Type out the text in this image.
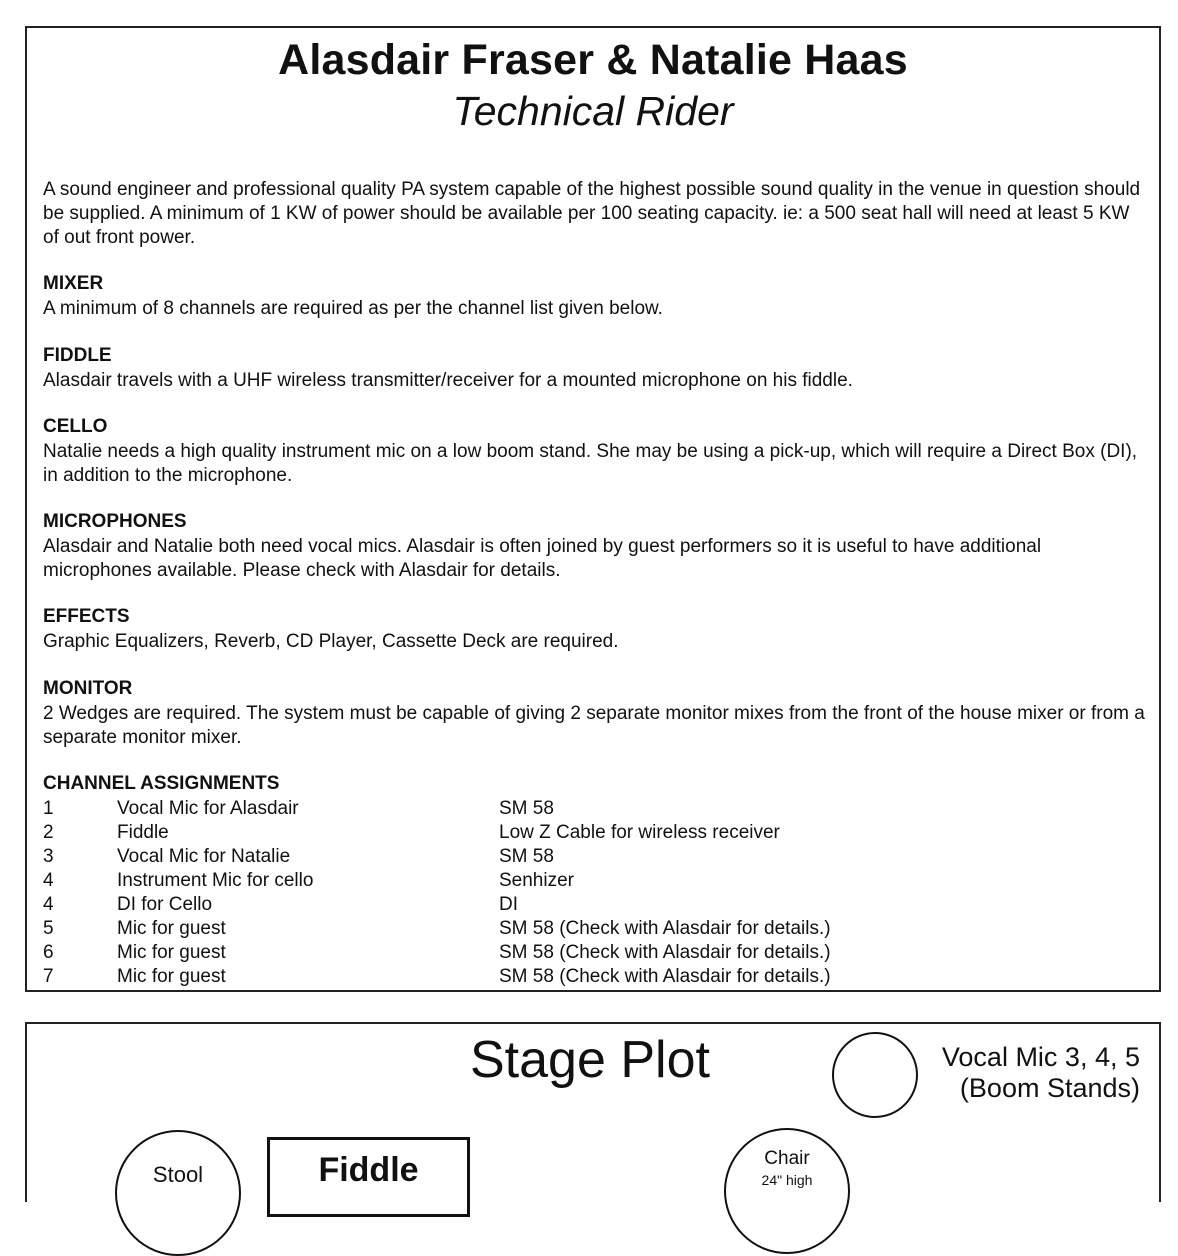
Alasdair Fraser & Natalie Haas
Technical Rider
A sound engineer and professional quality PA system capable of the highest possible sound quality in the venue in question should be supplied. A minimum of 1 KW of power should be available per 100 seating capacity. ie: a 500 seat hall will need at least 5 KW of out front power.
MIXER
A minimum of 8 channels are required as per the channel list given below.
FIDDLE
Alasdair travels with a UHF wireless transmitter/receiver for a mounted microphone on his fiddle.
CELLO
Natalie needs a high quality instrument mic on a low boom stand. She may be using a pick-up, which will require a Direct Box (DI), in addition to the microphone.
MICROPHONES
Alasdair and Natalie both need vocal mics. Alasdair is often joined by guest performers so it is useful to have additional microphones available. Please check with Alasdair for details.
EFFECTS
Graphic Equalizers, Reverb, CD Player, Cassette Deck are required.
MONITOR
2 Wedges are required. The system must be capable of giving 2 separate monitor mixes from the front of the house mixer or from a separate monitor mixer.
CHANNEL ASSIGNMENTS
1	Vocal Mic for Alasdair	SM 58
2	Fiddle	Low Z Cable for wireless receiver
3	Vocal Mic for Natalie	SM 58
4	Instrument Mic for cello	Senhizer
4	DI for Cello	DI
5	Mic for guest	SM 58 (Check with Alasdair for details.)
6	Mic for guest	SM 58 (Check with Alasdair for details.)
7	Mic for guest	SM 58 (Check with Alasdair for details.)
Stage Plot	Vocal Mic 3, 4, 5
(Boom Stands)
Stool	Fiddle	Chair
24" high
